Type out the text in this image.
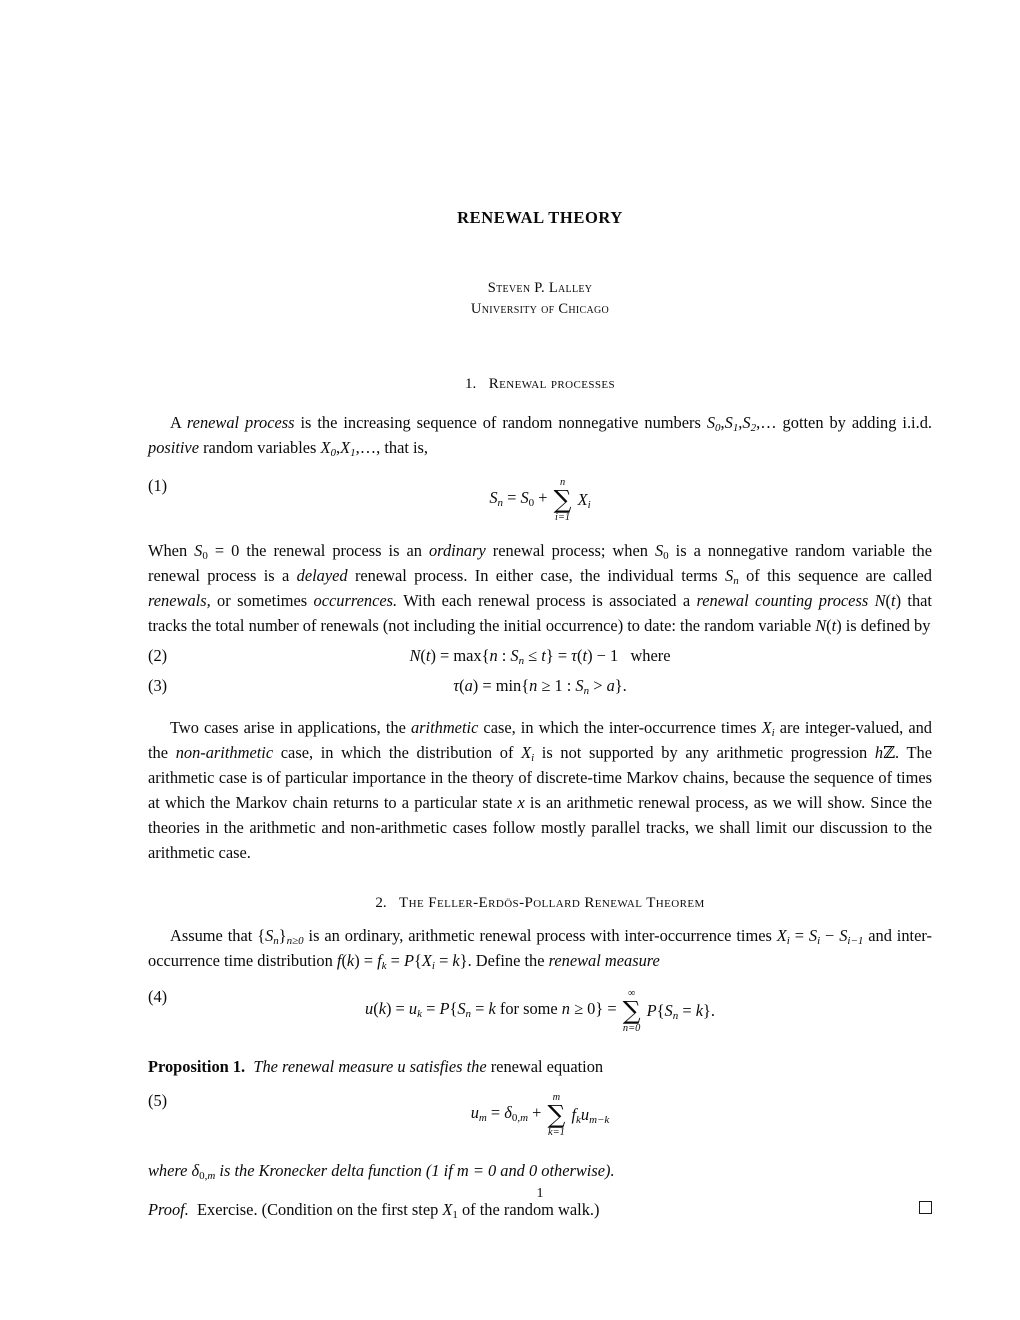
RENEWAL THEORY
Steven P. Lalley
University of Chicago
1. Renewal processes

A renewal process is the increasing sequence of random nonnegative numbers $S_0,S_1,S_2,\dots$ gotten by adding i.i.d. positive random variables $X_0,X_1,\dots$, that is,

(1)
$S_n = S_0$ +
n
∑
i=1
$X_i$

When $S_0 = 0$ the renewal process is an ordinary renewal process; when $S_0$ is a nonnegative random variable the renewal process is a delayed renewal process. In either case, the individual terms $S_n$ of this sequence are called renewals, or sometimes occurrences. With each renewal process is associated a renewal counting process N(t) that tracks the total number of renewals (not including the initial occurrence) to date: the random variable N(t) is defined by

(2)	N(t) = max{n : $S_n \le t\} = \tau(t) - 1$   where
(3)	τ(a) = min{n ≥ 1 : $S_n > a$}.

Two cases arise in applications, the arithmetic case, in which the inter-occurrence times $X_i$ are integer-valued, and the non-arithmetic case, in which the distribution of $X_i$ is not supported by any arithmetic progression hℤ. The arithmetic case is of particular importance in the theory of discrete-time Markov chains, because the sequence of times at which the Markov chain returns to a particular state x is an arithmetic renewal process, as we will show. Since the theories in the arithmetic and non-arithmetic cases follow mostly parallel tracks, we shall limit our discussion to the arithmetic case.

2. The Feller-Erdös-Pollard Renewal Theorem

Assume that $\{S_n\}_{n\ge 0}$ is an ordinary, arithmetic renewal process with inter-occurrence times $X_i = S_i - S_{i-1}$ and inter-occurrence time distribution $f(k) = f_k = P\{X_i = k\}$. Define the renewal measure

(4)
$u(k) = u_k = P\{S_n = k$ for some n ≥ 0} =
∞
∑
n=0
$P\{S_n = k\}$.
Proposition 1. The renewal measure u satisfies the renewal equation
(5)
$u_m = \delta_{0,m}$ +
m
∑
k=1
$f_ku_{m-k}$
where $\delta_{0,m}$ is the Kronecker delta function (1 if m = 0 and 0 otherwise).
Proof. Exercise. (Condition on the first step $X_1$ of the random walk.)
1
